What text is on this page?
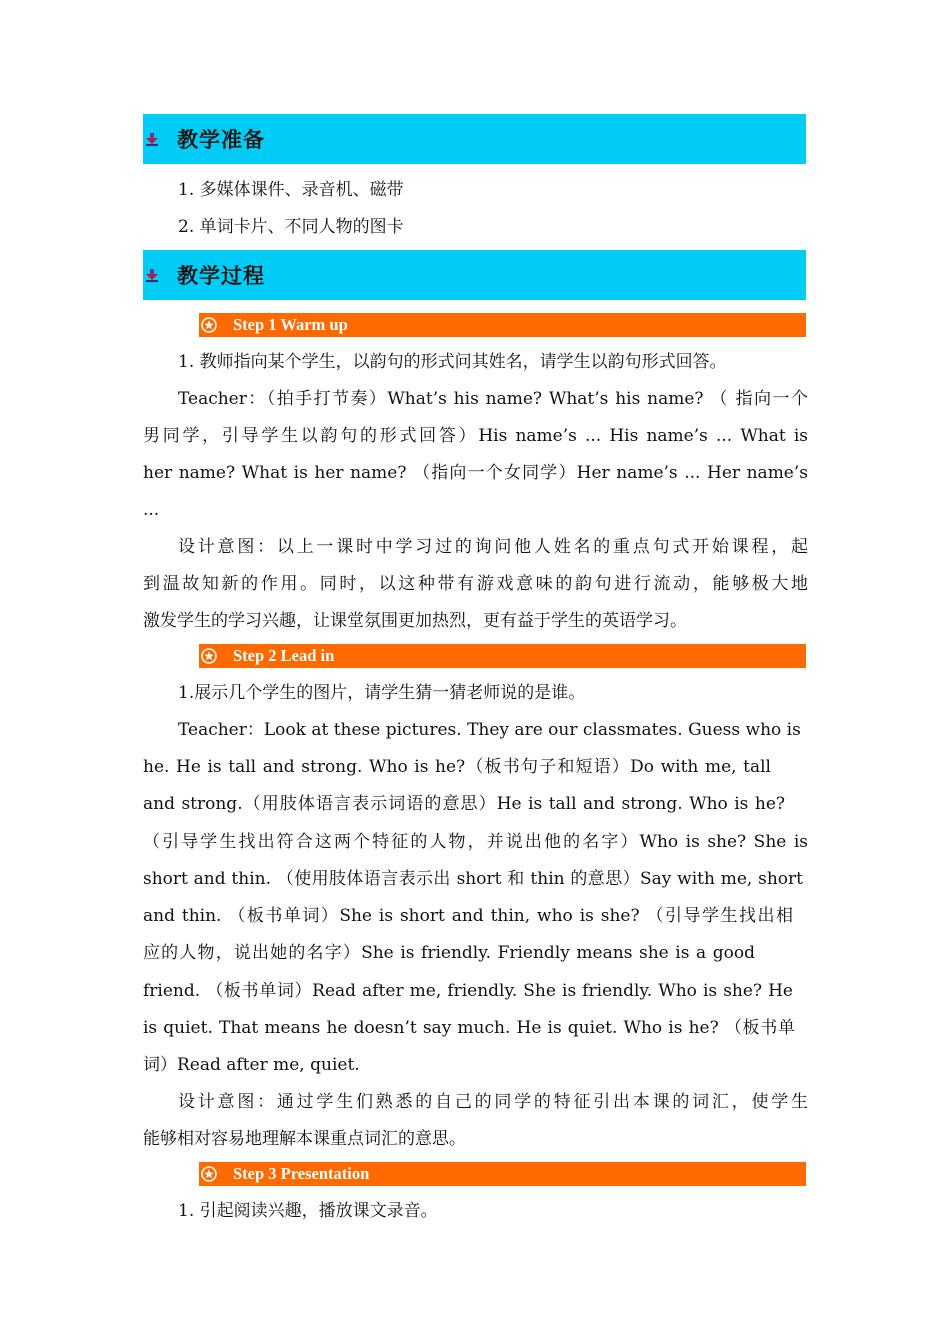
教学准备
1. 多媒体课件、录音机、磁带
2. 单词卡片、不同人物的图卡
教学过程
Step 1 Warm up
1. 教师指向某个学生，以韵句的形式问其姓名，请学生以韵句形式回答。
Teacher：（拍手打节奏）What’s his name? What’s his name? （ 指向一个
男同学，引导学生以韵句的形式回答）His name’s ... His name’s ... What is
her name? What is her name? （指向一个女同学）Her name’s ... Her name’s
...
设计意图：以上一课时中学习过的询问他人姓名的重点句式开始课程，起
到温故知新的作用。同时，以这种带有游戏意味的韵句进行流动，能够极大地
激发学生的学习兴趣，让课堂氛围更加热烈，更有益于学生的英语学习。
Step 2 Lead in
1.展示几个学生的图片，请学生猜一猜老师说的是谁。
Teacher：Look at these pictures. They are our classmates. Guess who is
he. He is tall and strong. Who is he?（板书句子和短语）Do with me, tall
and strong.（用肢体语言表示词语的意思）He is tall and strong. Who is he?
（引导学生找出符合这两个特征的人物，并说出他的名字）Who is she? She is
short and thin. （使用肢体语言表示出 short 和 thin 的意思）Say with me, short
and thin. （板书单词）She is short and thin, who is she? （引导学生找出相
应的人物，说出她的名字）She is friendly. Friendly means she is a good
friend. （板书单词）Read after me, friendly. She is friendly. Who is she? He
is quiet. That means he doesn’t say much. He is quiet. Who is he? （板书单
词）Read after me, quiet.
设计意图：通过学生们熟悉的自己的同学的特征引出本课的词汇，使学生
能够相对容易地理解本课重点词汇的意思。
Step 3 Presentation
1. 引起阅读兴趣，播放课文录音。
